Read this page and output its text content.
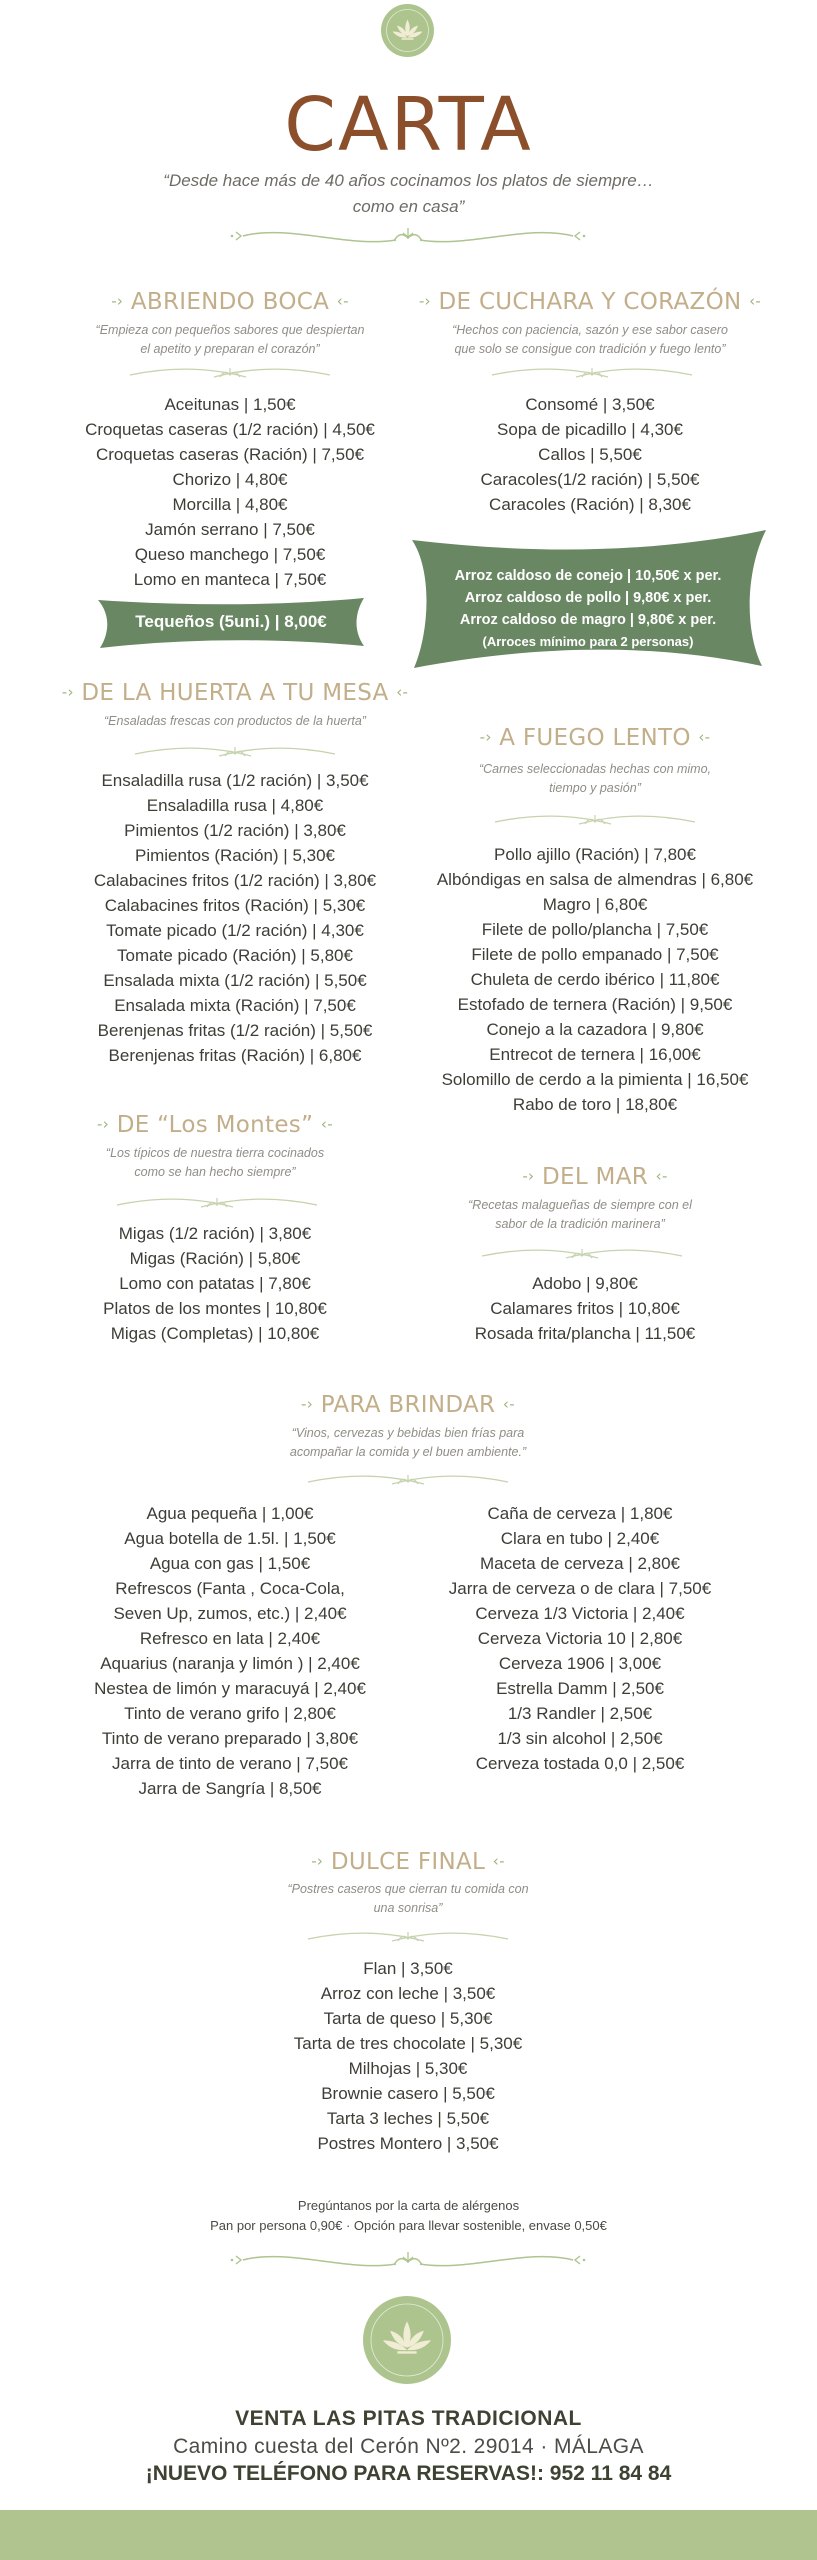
CARTA
“Desde hace más de 40 años cocinamos los platos de siempre… como en casa”
-› ABRIENDO BOCA ‹-
“Empieza con pequeños sabores que despiertan el apetito y preparan el corazón”
Aceitunas | 1,50€
Croquetas caseras (1/2 ración) | 4,50€
Croquetas caseras (Ración) | 7,50€
Chorizo | 4,80€
Morcilla | 4,80€
Jamón serrano | 7,50€
Queso manchego | 7,50€
Lomo en manteca | 7,50€
Tequeños (5uni.) | 8,00€
-› DE CUCHARA Y CORAZÓN ‹-
“Hechos con paciencia, sazón y ese sabor casero que solo se consigue con tradición y fuego lento”
Consomé | 3,50€
Sopa de picadillo | 4,30€
Callos | 5,50€
Caracoles(1/2 ración) | 5,50€
Caracoles (Ración) | 8,30€
Arroz caldoso de conejo | 10,50€ x per.
Arroz caldoso de pollo | 9,80€ x per.
Arroz caldoso de magro | 9,80€ x per.
(Arroces mínimo para 2 personas)
-› DE LA HUERTA A TU MESA ‹-
“Ensaladas frescas con productos de la huerta”
Ensaladilla rusa (1/2 ración) | 3,50€
Ensaladilla rusa | 4,80€
Pimientos (1/2 ración) | 3,80€
Pimientos (Ración) | 5,30€
Calabacines fritos (1/2 ración) | 3,80€
Calabacines fritos (Ración) | 5,30€
Tomate picado (1/2 ración) | 4,30€
Tomate picado (Ración) | 5,80€
Ensalada mixta (1/2 ración) | 5,50€
Ensalada mixta (Ración) | 7,50€
Berenjenas fritas (1/2 ración) | 5,50€
Berenjenas fritas (Ración) | 6,80€
-› A FUEGO LENTO ‹-
“Carnes seleccionadas hechas con mimo, tiempo y pasión”
Pollo ajillo (Ración) | 7,80€
Albóndigas en salsa de almendras | 6,80€
Magro | 6,80€
Filete de pollo/plancha | 7,50€
Filete de pollo empanado | 7,50€
Chuleta de cerdo ibérico | 11,80€
Estofado de ternera (Ración) | 9,50€
Conejo a la cazadora | 9,80€
Entrecot de ternera | 16,00€
Solomillo de cerdo a la pimienta | 16,50€
Rabo de toro | 18,80€
-› DE “Los Montes” ‹-
“Los típicos de nuestra tierra cocinados como se han hecho siempre”
Migas (1/2 ración) | 3,80€
Migas (Ración) | 5,80€
Lomo con patatas | 7,80€
Platos de los montes | 10,80€
Migas (Completas) | 10,80€
-› DEL MAR ‹-
“Recetas malagueñas de siempre con el sabor de la tradición marinera”
Adobo | 9,80€
Calamares fritos | 10,80€
Rosada frita/plancha | 11,50€
-› PARA BRINDAR ‹-
“Vinos, cervezas y bebidas bien frías para acompañar la comida y el buen ambiente.”
Agua pequeña | 1,00€
Agua botella de 1.5l. | 1,50€
Agua con gas | 1,50€
Refrescos (Fanta , Coca-Cola,
Seven Up, zumos, etc.) | 2,40€
Refresco en lata | 2,40€
Aquarius (naranja y limón ) | 2,40€
Nestea de limón y maracuyá | 2,40€
Tinto de verano grifo | 2,80€
Tinto de verano preparado | 3,80€
Jarra de tinto de verano | 7,50€
Jarra de Sangría | 8,50€
Caña de cerveza | 1,80€
Clara en tubo | 2,40€
Maceta de cerveza | 2,80€
Jarra de cerveza o de clara | 7,50€
Cerveza 1/3 Victoria | 2,40€
Cerveza Victoria 10 | 2,80€
Cerveza 1906 | 3,00€
Estrella Damm | 2,50€
1/3 Randler | 2,50€
1/3 sin alcohol | 2,50€
Cerveza tostada 0,0 | 2,50€
-› DULCE FINAL ‹-
“Postres caseros que cierran tu comida con una sonrisa”
Flan | 3,50€
Arroz con leche | 3,50€
Tarta de queso | 5,30€
Tarta de tres chocolate | 5,30€
Milhojas | 5,30€
Brownie casero | 5,50€
Tarta 3 leches | 5,50€
Postres Montero | 3,50€
Pregúntanos por la carta de alérgenos
Pan por persona 0,90€ · Opción para llevar sostenible, envase 0,50€
VENTA LAS PITAS TRADICIONAL
Camino cuesta del Cerón Nº2. 29014 · MÁLAGA
¡NUEVO TELÉFONO PARA RESERVAS!: 952 11 84 84
